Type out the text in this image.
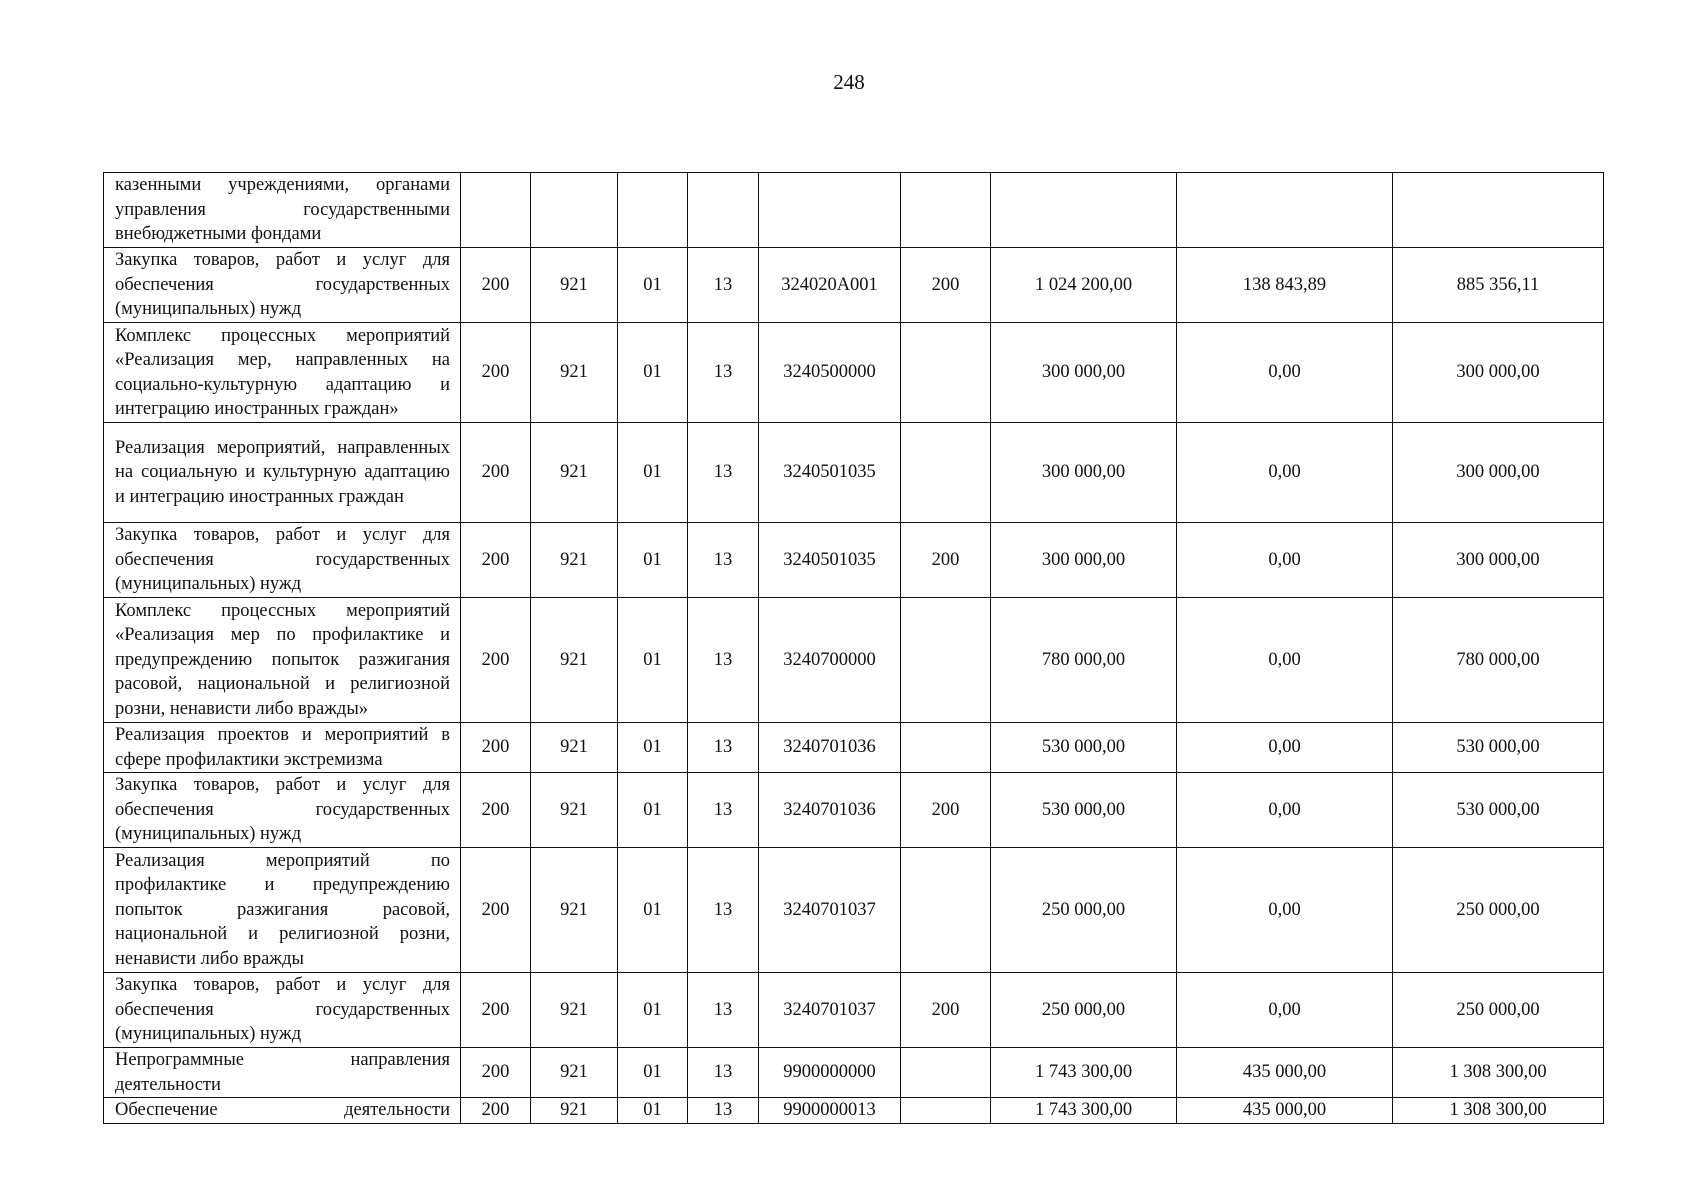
248
казенными учреждениями, органами управления государственными внебюджетными фондами									
Закупка товаров, работ и услуг для обеспечения государственных (муниципальных) нужд	200	921	01	13	324020А001	200	1 024 200,00	138 843,89	885 356,11
Комплекс процессных мероприятий «Реализация мер, направленных на социально-культурную адаптацию и интеграцию иностранных граждан»	200	921	01	13	3240500000		300 000,00	0,00	300 000,00
Реализация мероприятий, направленных на социальную и культурную адаптацию и интеграцию иностранных граждан	200	921	01	13	3240501035		300 000,00	0,00	300 000,00
Закупка товаров, работ и услуг для обеспечения государственных (муниципальных) нужд	200	921	01	13	3240501035	200	300 000,00	0,00	300 000,00
Комплекс процессных мероприятий «Реализация мер по профилактике и предупреждению попыток разжигания расовой, национальной и религиозной розни, ненависти либо вражды»	200	921	01	13	3240700000		780 000,00	0,00	780 000,00
Реализация проектов и мероприятий в сфере профилактики экстремизма	200	921	01	13	3240701036		530 000,00	0,00	530 000,00
Закупка товаров, работ и услуг для обеспечения государственных (муниципальных) нужд	200	921	01	13	3240701036	200	530 000,00	0,00	530 000,00
Реализация мероприятий по профилактике и предупреждению попыток разжигания расовой, национальной и религиозной розни, ненависти либо вражды	200	921	01	13	3240701037		250 000,00	0,00	250 000,00
Закупка товаров, работ и услуг для обеспечения государственных (муниципальных) нужд	200	921	01	13	3240701037	200	250 000,00	0,00	250 000,00
Непрограммные направления деятельности	200	921	01	13	9900000000		1 743 300,00	435 000,00	1 308 300,00
Обеспечение деятельности	200	921	01	13	9900000013		1 743 300,00	435 000,00	1 308 300,00
